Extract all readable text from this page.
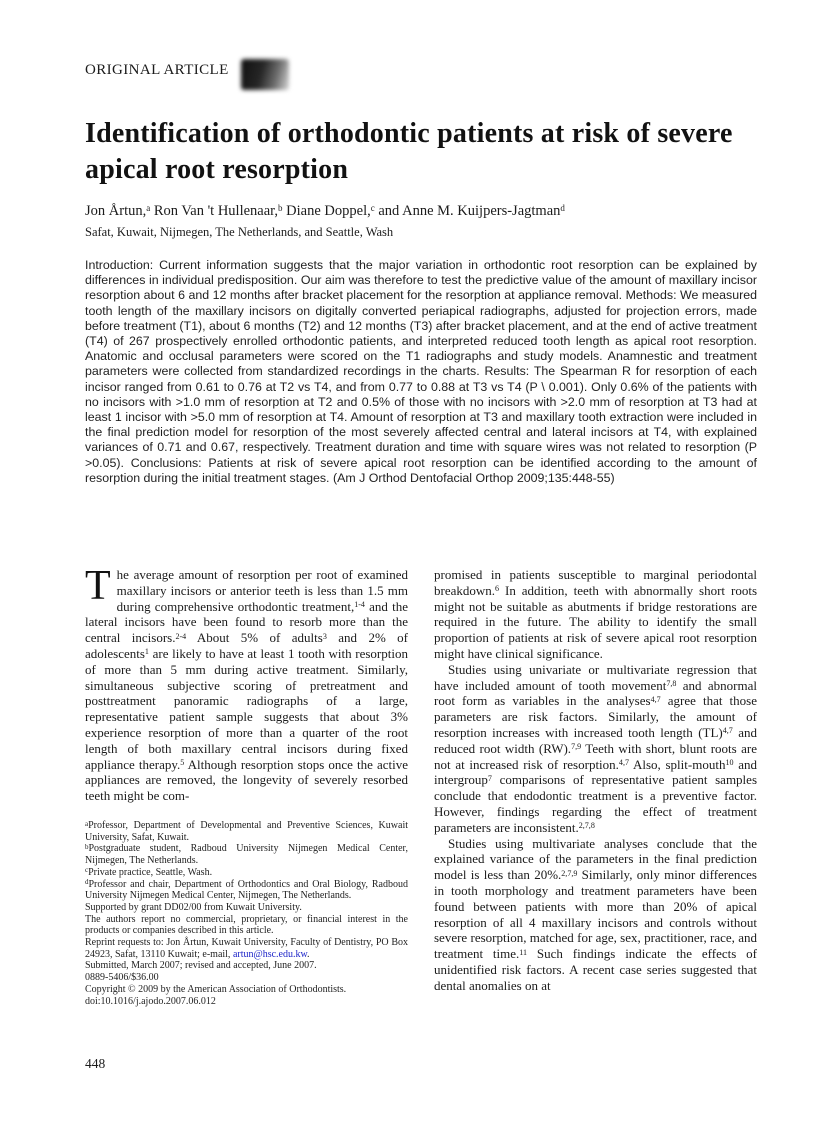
ORIGINAL ARTICLE
Identification of orthodontic patients at risk of severe apical root resorption
Jon Årtun,$^a$ Ron Van 't Hullenaar,$^b$ Diane Doppel,$^c$ and Anne M. Kuijpers-Jagtman$^d$
Safat, Kuwait, Nijmegen, The Netherlands, and Seattle, Wash
Introduction: Current information suggests that the major variation in orthodontic root resorption can be explained by differences in individual predisposition. Our aim was therefore to test the predictive value of the amount of maxillary incisor resorption about 6 and 12 months after bracket placement for the resorption at appliance removal. Methods: We measured tooth length of the maxillary incisors on digitally converted periapical radiographs, adjusted for projection errors, made before treatment (T1), about 6 months (T2) and 12 months (T3) after bracket placement, and at the end of active treatment (T4) of 267 prospectively enrolled orthodontic patients, and interpreted reduced tooth length as apical root resorption. Anatomic and occlusal parameters were scored on the T1 radiographs and study models. Anamnestic and treatment parameters were collected from standardized recordings in the charts. Results: The Spearman R for resorption of each incisor ranged from 0.61 to 0.76 at T2 vs T4, and from 0.77 to 0.88 at T3 vs T4 (P \ 0.001). Only 0.6% of the patients with no incisors with >1.0 mm of resorption at T2 and 0.5% of those with no incisors with >2.0 mm of resorption at T3 had at least 1 incisor with >5.0 mm of resorption at T4. Amount of resorption at T3 and maxillary tooth extraction were included in the final prediction model for resorption of the most severely affected central and lateral incisors at T4, with explained variances of 0.71 and 0.67, respectively. Treatment duration and time with square wires was not related to resorption (P >0.05). Conclusions: Patients at risk of severe apical root resorption can be identified according to the amount of resorption during the initial treatment stages. (Am J Orthod Dentofacial Orthop 2009;135:448-55)

The average amount of resorption per root of examined maxillary incisors or anterior teeth is less than 1.5 mm during comprehensive orthodontic treatment,$^{1-4}$ and the lateral incisors have been found to resorb more than the central incisors.$^{2-4}$ About 5% of adults$^3$ and 2% of adolescents$^1$ are likely to have at least 1 tooth with resorption of more than 5 mm during active treatment. Similarly, simultaneous subjective scoring of pretreatment and posttreatment panoramic radiographs of a large, representative patient sample suggests that about 3% experience resorption of more than a quarter of the root length of both maxillary central incisors during fixed appliance therapy.$^5$ Although resorption stops once the active appliances are removed, the longevity of severely resorbed teeth might be com-

promised in patients susceptible to marginal periodontal breakdown.$^6$ In addition, teeth with abnormally short roots might not be suitable as abutments if bridge restorations are required in the future. The ability to identify the small proportion of patients at risk of severe apical root resorption might have clinical significance.

Studies using univariate or multivariate regression that have included amount of tooth movement$^{7,8}$ and abnormal root form as variables in the analyses$^{4,7}$ agree that those parameters are risk factors. Similarly, the amount of resorption increases with increased tooth length (TL)$^{4,7}$ and reduced root width (RW).$^{7,9}$ Teeth with short, blunt roots are not at increased risk of resorption.$^{4,7}$ Also, split-mouth$^{10}$ and intergroup$^7$ comparisons of representative patient samples conclude that endodontic treatment is a preventive factor. However, findings regarding the effect of treatment parameters are inconsistent.$^{2,7,8}$

Studies using multivariate analyses conclude that the explained variance of the parameters in the final prediction model is less than 20%.$^{2,7,9}$ Similarly, only minor differences in tooth morphology and treatment parameters have been found between patients with more than 20% of apical resorption of all 4 maxillary incisors and controls without severe resorption, matched for age, sex, practitioner, race, and treatment time.$^{11}$ Such findings indicate the effects of unidentified risk factors. A recent case series suggested that dental anomalies on at

$^a$Professor, Department of Developmental and Preventive Sciences, Kuwait University, Safat, Kuwait.
$^b$Postgraduate student, Radboud University Nijmegen Medical Center, Nijmegen, The Netherlands.
$^c$Private practice, Seattle, Wash.
$^d$Professor and chair, Department of Orthodontics and Oral Biology, Radboud University Nijmegen Medical Center, Nijmegen, The Netherlands.
Supported by grant DD02/00 from Kuwait University.
The authors report no commercial, proprietary, or financial interest in the products or companies described in this article.
Reprint requests to: Jon Årtun, Kuwait University, Faculty of Dentistry, PO Box 24923, Safat, 13110 Kuwait; e-mail, artun@hsc.edu.kw.
Submitted, March 2007; revised and accepted, June 2007.
0889-5406/$36.00
Copyright © 2009 by the American Association of Orthodontists.
doi:10.1016/j.ajodo.2007.06.012
448
